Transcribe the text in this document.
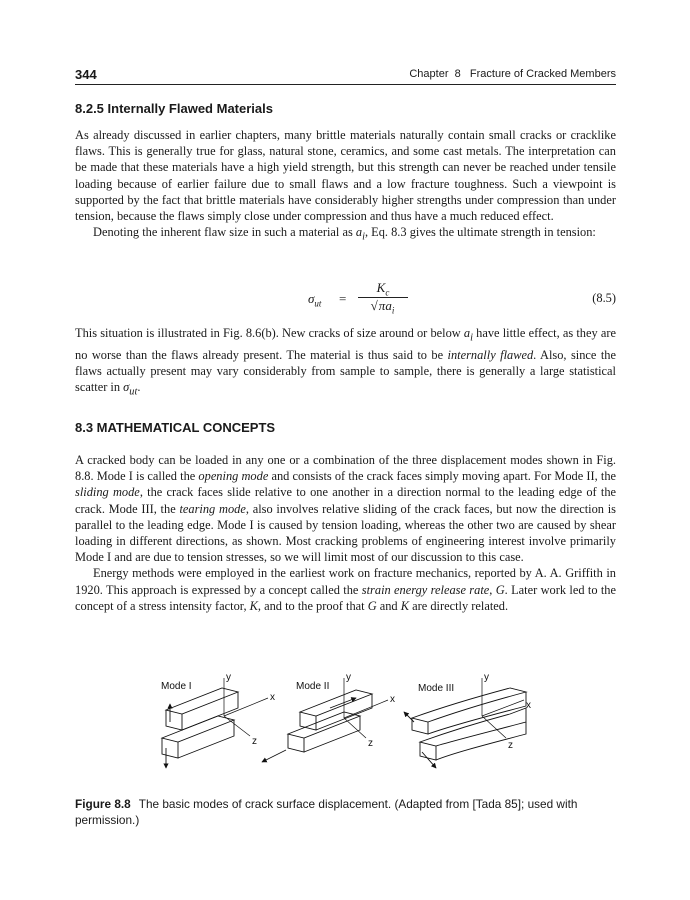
344	Chapter  8   Fracture of Cracked Members
8.2.5 Internally Flawed Materials

As already discussed in earlier chapters, many brittle materials naturally contain small cracks or cracklike flaws. This is generally true for glass, natural stone, ceramics, and some cast metals. The interpretation can be made that these materials have a high yield strength, but this strength can never be reached under tensile loading because of earlier failure due to small flaws and a low fracture toughness. Such a viewpoint is supported by the fact that brittle materials have considerably higher strengths under compression than under tension, because the flaws simply close under compression and thus have a much reduced effect.

Denoting the inherent flaw size in such a material as $a_i$, Eq. 8.3 gives the ultimate strength in tension:

$\sigma_{ut}$ =
$K_c$
$√\pi a_i$
(8.5)

This situation is illustrated in Fig. 8.6(b). New cracks of size around or below $a_i$ have little effect, as they are no worse than the flaws already present. The material is thus said to be internally flawed. Also, since the flaws actually present may vary considerably from sample to sample, there is generally a large statistical scatter in $\sigma_{ut}$.

8.3 MATHEMATICAL CONCEPTS

A cracked body can be loaded in any one or a combination of the three displacement modes shown in Fig. 8.8. Mode I is called the opening mode and consists of the crack faces simply moving apart. For Mode II, the sliding mode, the crack faces slide relative to one another in a direction normal to the leading edge of the crack. Mode III, the tearing mode, also involves relative sliding of the crack faces, but now the direction is parallel to the leading edge. Mode I is caused by tension loading, whereas the other two are caused by shear loading in different directions, as shown. Most cracking problems of engineering interest involve primarily Mode I and are due to tension stresses, so we will limit most of our discussion to this case.

Energy methods were employed in the earliest work on fracture mechanics, reported by A. A. Griffith in 1920. This approach is expressed by a concept called the strain energy release rate, G. Later work led to the concept of a stress intensity factor, K, and to the proof that G and K are directly related.

Mode I
y
x
z
Mode II
y
x
z
Mode III
y
x
z
Figure 8.8 The basic modes of crack surface displacement. (Adapted from [Tada 85]; used with permission.)
